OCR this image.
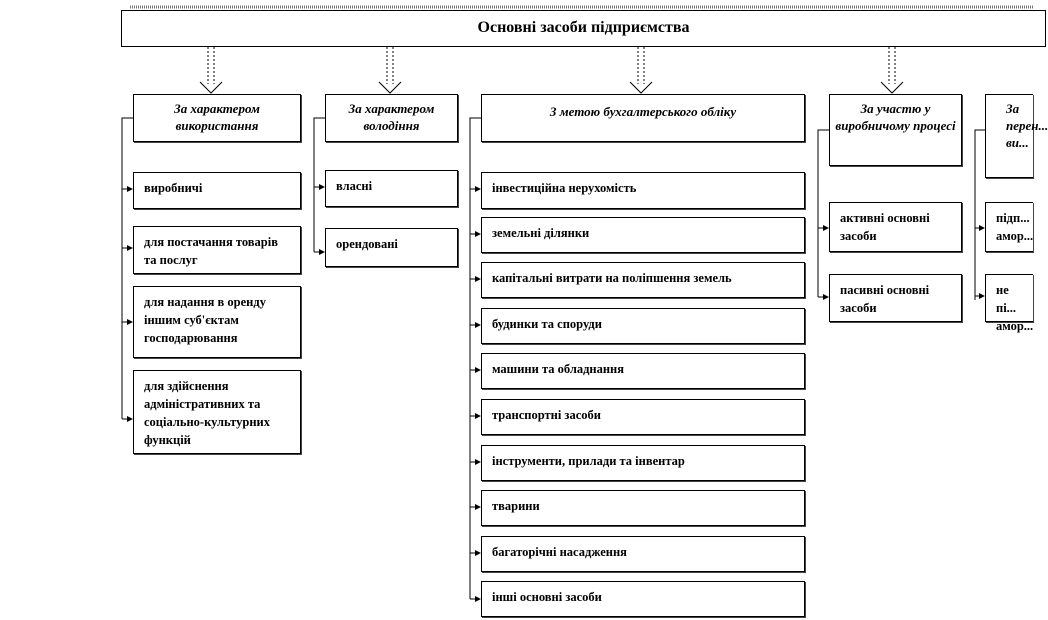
Основні засоби підприємства
За характером використання
виробничі
для постачання товарів та послуг
для надання в оренду іншим суб'єктам господарювання
для здійснення адміністративних та соціально-культурних функцій
За характером володіння
власні
орендовані
З метою бухгалтерського обліку
інвестиційна нерухомість
земельні ділянки
капітальні витрати на поліпшення земель
будинки та споруди
машини та обладнання
транспортні засоби
інструменти, прилади та інвентар
тварини
багаторічні насадження
інші основні засоби
За участю у виробничому процесі
активні основні засоби
пасивні основні засоби
За перен... ви...
підп... амор...
не пі... амор...
